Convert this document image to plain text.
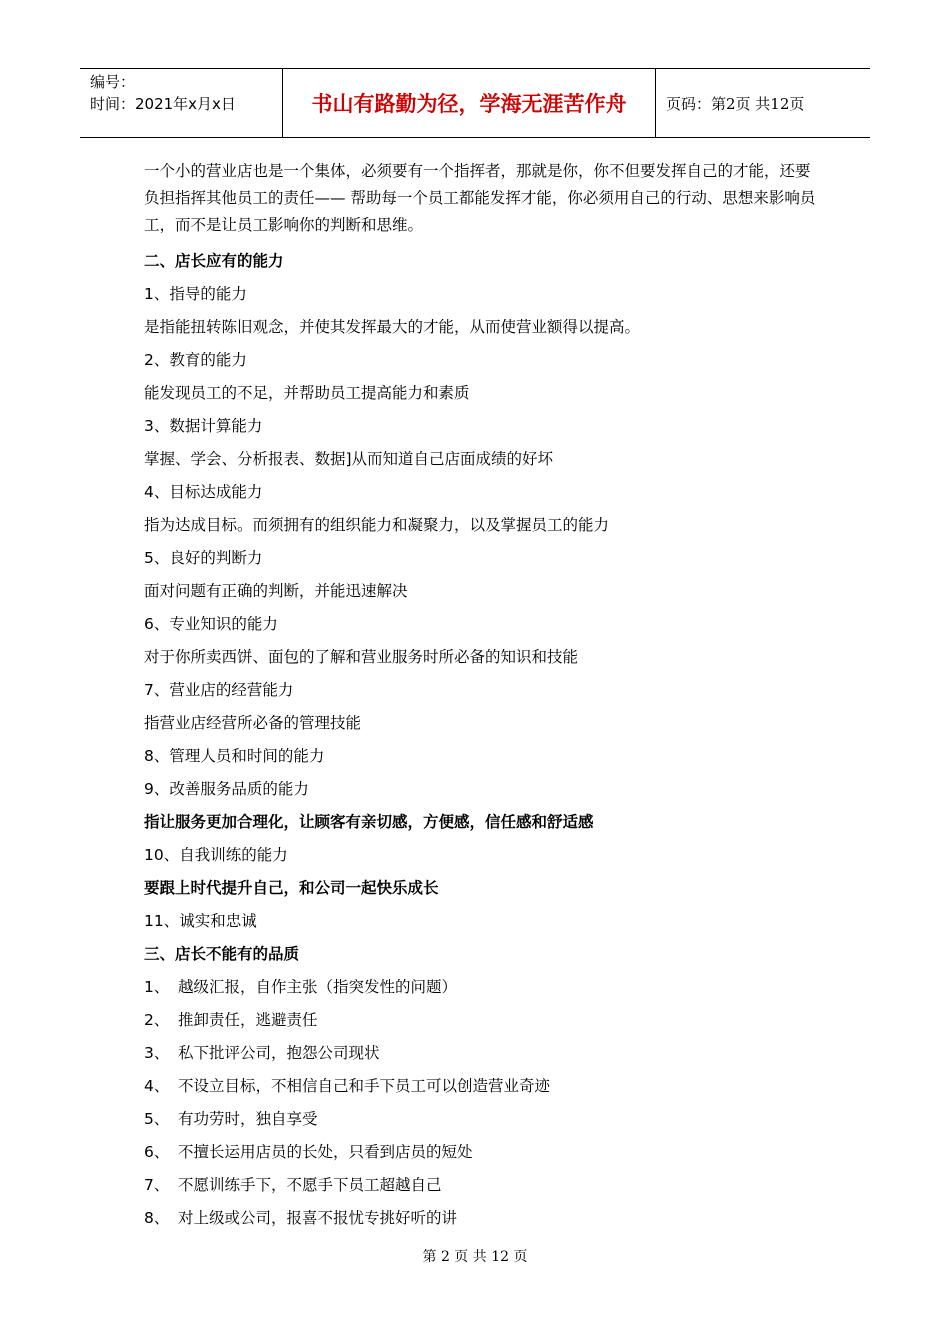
编号：
时间：2021年x月x日	书山有路勤为径，学海无涯苦作舟	页码：第2页 共12页

一个小的营业店也是一个集体，必须要有一个指挥者，那就是你，你不但要发挥自己的才能，还要负担指挥其他员工的责任—— 帮助每一个员工都能发挥才能，你必须用自己的行动、思想来影响员工，而不是让员工影响你的判断和思维。

二、店长应有的能力
1、指导的能力
是指能扭转陈旧观念，并使其发挥最大的才能，从而使营业额得以提高。
2、教育的能力
能发现员工的不足，并帮助员工提高能力和素质
3、数据计算能力
掌握、学会、分析报表、数据]从而知道自己店面成绩的好坏
4、目标达成能力
指为达成目标。而须拥有的组织能力和凝聚力，以及掌握员工的能力
5、良好的判断力
面对问题有正确的判断，并能迅速解决
6、专业知识的能力
对于你所卖西饼、面包的了解和营业服务时所必备的知识和技能
7、营业店的经营能力
指营业店经营所必备的管理技能
8、管理人员和时间的能力
9、改善服务品质的能力
指让服务更加合理化，让顾客有亲切感，方便感，信任感和舒适感
10、自我训练的能力
要跟上时代提升自己，和公司一起快乐成长
11、诚实和忠诚
三、店长不能有的品质
1、 越级汇报，自作主张（指突发性的问题）
2、 推卸责任，逃避责任
3、 私下批评公司，抱怨公司现状
4、 不设立目标，不相信自己和手下员工可以创造营业奇迹
5、 有功劳时，独自享受
6、 不擅长运用店员的长处，只看到店员的短处
7、 不愿训练手下，不愿手下员工超越自己
8、 对上级或公司，报喜不报忧专挑好听的讲
第 2 页 共 12 页
